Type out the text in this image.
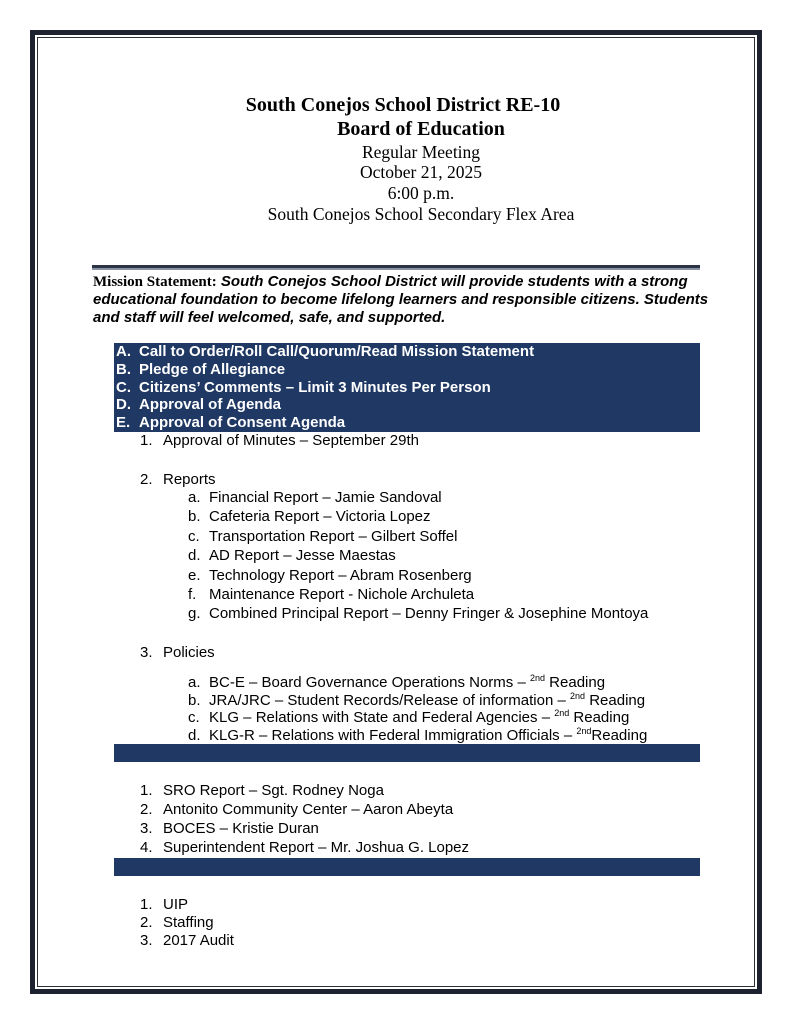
South Conejos School District RE-10
Board of Education
Regular Meeting
October 21, 2025
6:00 p.m.
South Conejos School Secondary Flex Area
Mission Statement: South Conejos School District will provide students with a strong educational foundation to become lifelong learners and responsible citizens. Students and staff will feel welcomed, safe, and supported.
A. Call to Order/Roll Call/Quorum/Read Mission Statement
B. Pledge of Allegiance
C. Citizens’ Comments – Limit 3 Minutes Per Person
D. Approval of Agenda
E. Approval of Consent Agenda
1. Approval of Minutes – September 29th
2. Reports
a. Financial Report – Jamie Sandoval
b. Cafeteria Report – Victoria Lopez
c. Transportation Report – Gilbert Soffel
d. AD Report – Jesse Maestas
e. Technology Report – Abram Rosenberg
f. Maintenance Report - Nichole Archuleta
g. Combined Principal Report – Denny Fringer & Josephine Montoya
3. Policies
a. BC-E – Board Governance Operations Norms – $^{2nd}$ Reading
b. JRA/JRC – Student Records/Release of information – $^{2nd}$ Reading
c. KLG – Relations with State and Federal Agencies – $^{2nd}$ Reading
d. KLG-R – Relations with Federal Immigration Officials – $^{2nd}$Reading
1. SRO Report – Sgt. Rodney Noga
2. Antonito Community Center – Aaron Abeyta
3. BOCES – Kristie Duran
4. Superintendent Report – Mr. Joshua G. Lopez
1. UIP
2. Staffing
3. 2017 Audit
